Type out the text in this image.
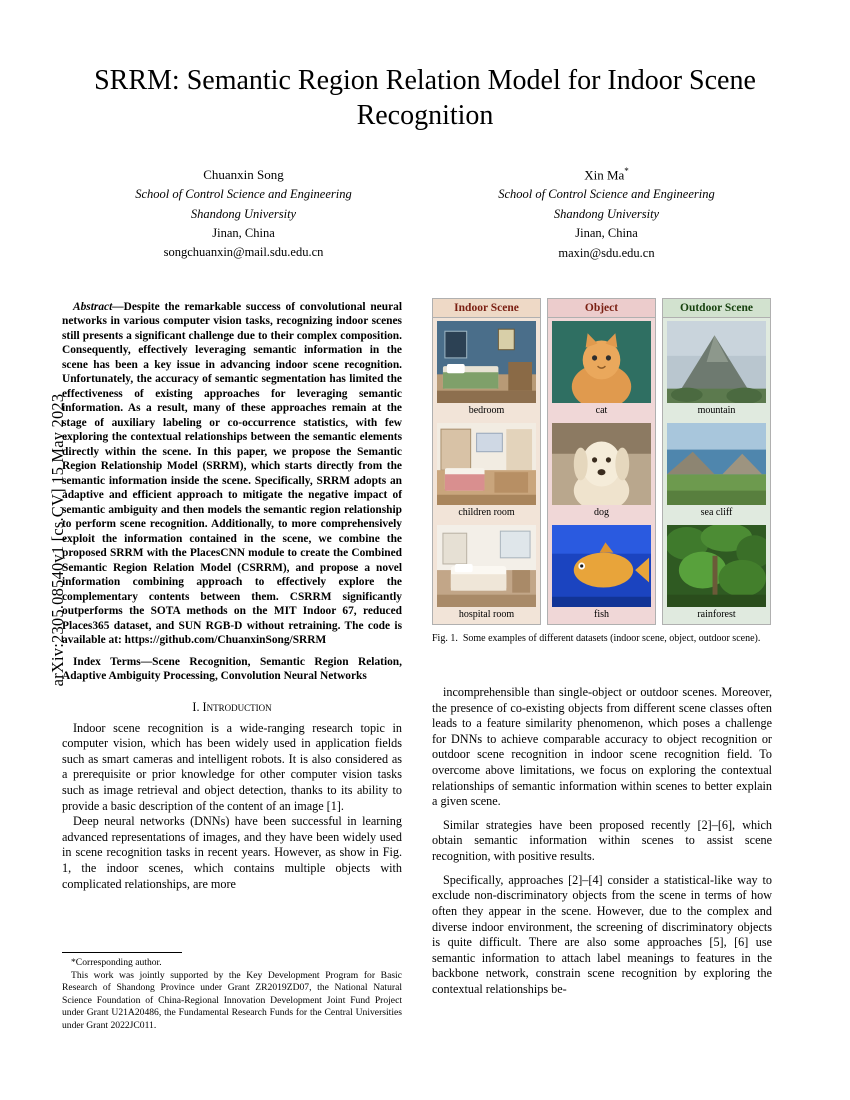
arXiv:2305.08540v1 [cs.CV] 15 May 2023
SRRM: Semantic Region Relation Model for Indoor Scene Recognition
Chuanxin Song
School of Control Science and Engineering
Shandong University
Jinan, China
songchuanxin@mail.sdu.edu.cn
Xin Ma*
School of Control Science and Engineering
Shandong University
Jinan, China
maxin@sdu.edu.cn

Abstract—Despite the remarkable success of convolutional neural networks in various computer vision tasks, recognizing indoor scenes still presents a significant challenge due to their complex composition. Consequently, effectively leveraging semantic information in the scene has been a key issue in advancing indoor scene recognition. Unfortunately, the accuracy of semantic segmentation has limited the effectiveness of existing approaches for leveraging semantic information. As a result, many of these approaches remain at the stage of auxiliary labeling or co-occurrence statistics, with few exploring the contextual relationships between the semantic elements directly within the scene. In this paper, we propose the Semantic Region Relationship Model (SRRM), which starts directly from the semantic information inside the scene. Specifically, SRRM adopts an adaptive and efficient approach to mitigate the negative impact of semantic ambiguity and then models the semantic region relationship to perform scene recognition. Additionally, to more comprehensively exploit the information contained in the scene, we combine the proposed SRRM with the PlacesCNN module to create the Combined Semantic Region Relation Model (CSRRM), and propose a novel information combining approach to effectively explore the complementary contents between them. CSRRM significantly outperforms the SOTA methods on the MIT Indoor 67, reduced Places365 dataset, and SUN RGB-D without retraining. The code is available at: https://github.com/ChuanxinSong/SRRM

Index Terms—Scene Recognition, Semantic Region Relation, Adaptive Ambiguity Processing, Convolution Neural Networks

I. Introduction

Indoor scene recognition is a wide-ranging research topic in computer vision, which has been widely used in application fields such as smart cameras and intelligent robots. It is also considered as a prerequisite or prior knowledge for other computer vision tasks such as image retrieval and object detection, thanks to its ability to provide a basic description of the content of an image [1].

Deep neural networks (DNNs) have been successful in learning advanced representations of images, and they have been widely used in scene recognition tasks in recent years. However, as show in Fig. 1, the indoor scenes, which contains multiple objects with complicated relationships, are more

*Corresponding author.

This work was jointly supported by the Key Development Program for Basic Research of Shandong Province under Grant ZR2019ZD07, the National Natural Science Foundation of China-Regional Innovation Development Joint Fund Project under Grant U21A20486, the Fundamental Research Funds for the Central Universities under Grant 2022JC011.

Indoor Scene
bedroom
children room
hospital room
Object
cat
dog
fish
Outdoor Scene
mountain
sea cliff
rainforest
Fig. 1. Some examples of different datasets (indoor scene, object, outdoor scene).

incomprehensible than single-object or outdoor scenes. Moreover, the presence of co-existing objects from different scene classes often leads to a feature similarity phenomenon, which poses a challenge for DNNs to achieve comparable accuracy to object recognition or outdoor scene recognition in indoor scene recognition field. To overcome above limitations, we focus on exploring the contextual relationships of semantic information within scenes to better explain a given scene.

Similar strategies have been proposed recently [2]–[6], which obtain semantic information within scenes to assist scene recognition, with positive results.

Specifically, approaches [2]–[4] consider a statistical-like way to exclude non-discriminatory objects from the scene in terms of how often they appear in the scene. However, due to the complex and diverse indoor environment, the screening of discriminatory objects is quite difficult. There are also some approaches [5], [6] use semantic information to attach label meanings to features in the backbone network, constrain scene recognition by exploring the contextual relationships be-
